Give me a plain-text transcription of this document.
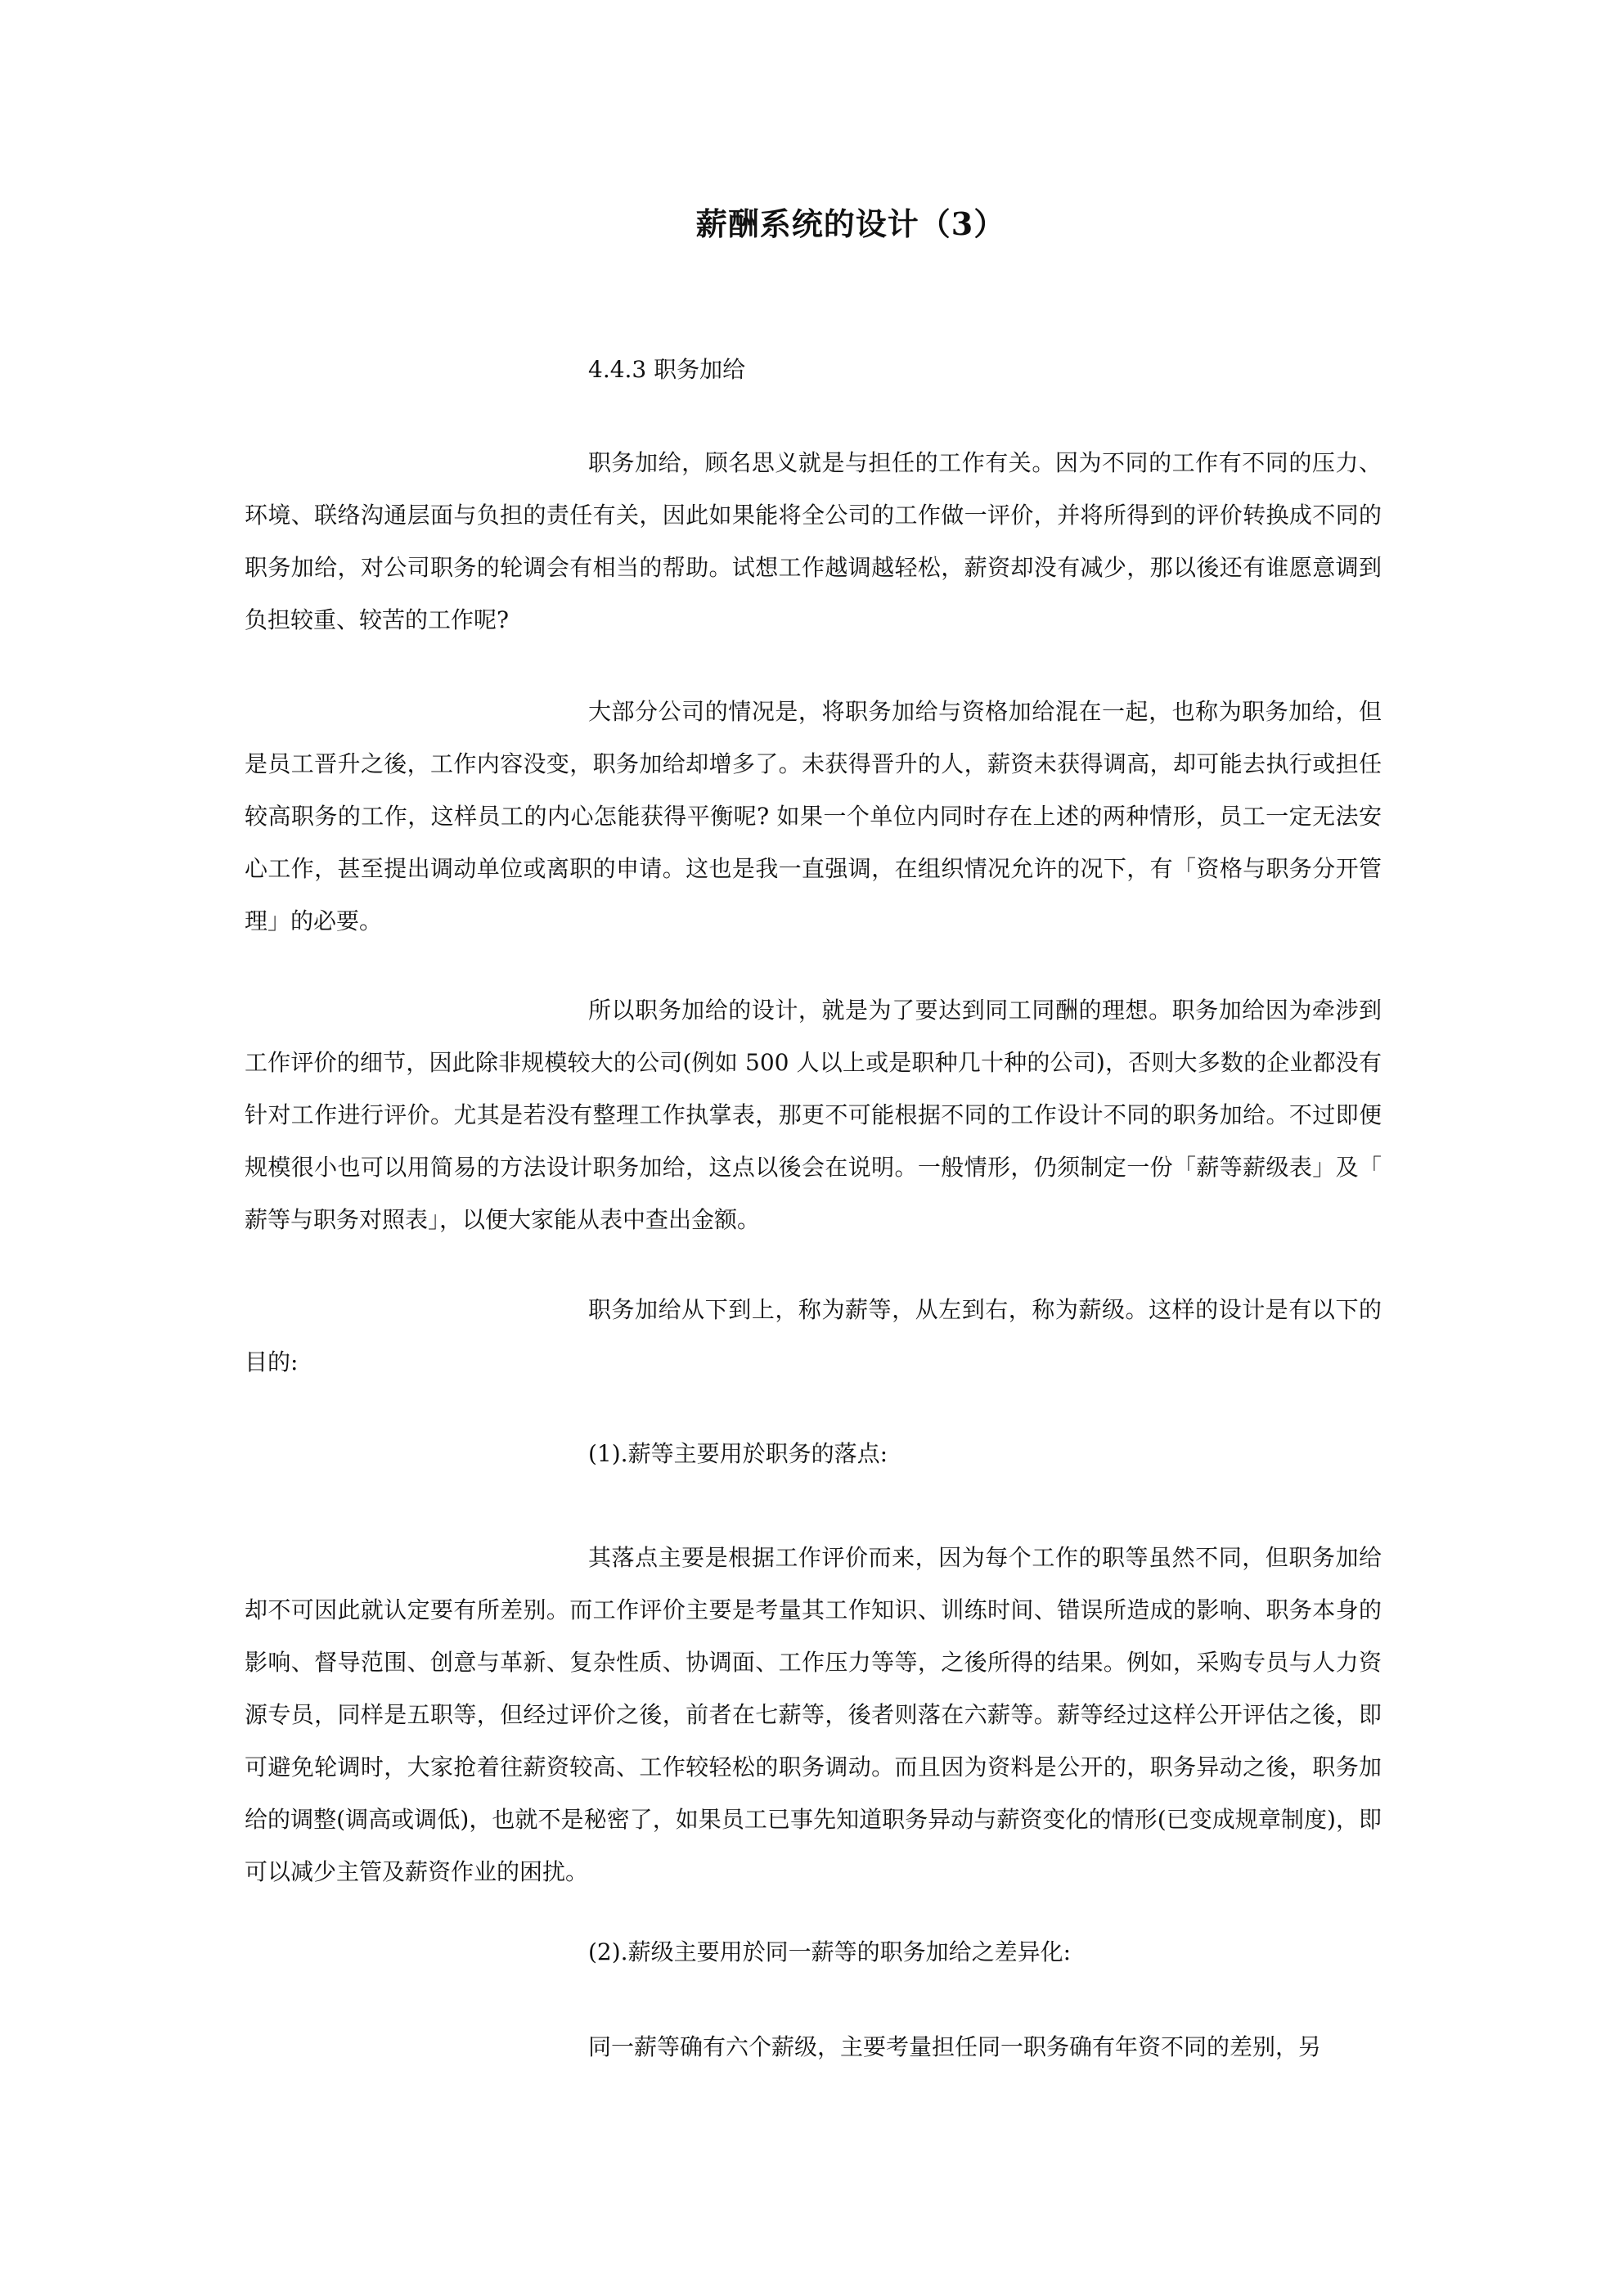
薪酬系统的设计（3）
4.4.3 职务加给

职务加给，顾名思义就是与担任的工作有关。因为不同的工作有不同的压力、环境、联络沟通层面与负担的责任有关，因此如果能将全公司的工作做一评价，并将所得到的评价转换成不同的职务加给，对公司职务的轮调会有相当的帮助。试想工作越调越轻松，薪资却没有减少，那以後还有谁愿意调到负担较重、较苦的工作呢?

大部分公司的情况是，将职务加给与资格加给混在一起，也称为职务加给，但是员工晋升之後，工作内容没变，职务加给却增多了。未获得晋升的人，薪资未获得调高，却可能去执行或担任较高职务的工作，这样员工的内心怎能获得平衡呢? 如果一个单位内同时存在上述的两种情形，员工一定无法安心工作，甚至提出调动单位或离职的申请。这也是我一直强调，在组织情况允许的况下，有「资格与职务分开管理」的必要。

所以职务加给的设计，就是为了要达到同工同酬的理想。职务加给因为牵涉到工作评价的细节，因此除非规模较大的公司(例如 500 人以上或是职种几十种的公司)，否则大多数的企业都没有针对工作进行评价。尤其是若没有整理工作执掌表，那更不可能根据不同的工作设计不同的职务加给。不过即便规模很小也可以用简易的方法设计职务加给，这点以後会在说明。一般情形，仍须制定一份「薪等薪级表」及「 薪等与职务对照表」，以便大家能从表中查出金额。

职务加给从下到上，称为薪等，从左到右，称为薪级。这样的设计是有以下的目的:

(1).薪等主要用於职务的落点:

其落点主要是根据工作评价而来，因为每个工作的职等虽然不同，但职务加给却不可因此就认定要有所差别。而工作评价主要是考量其工作知识、训练时间、错误所造成的影响、职务本身的影响、督导范围、创意与革新、复杂性质、协调面、工作压力等等，之後所得的结果。例如，采购专员与人力资源专员，同样是五职等，但经过评价之後，前者在七薪等，後者则落在六薪等。薪等经过这样公开评估之後，即可避免轮调时，大家抢着往薪资较高、工作较轻松的职务调动。而且因为资料是公开的，职务异动之後，职务加给的调整(调高或调低)，也就不是秘密了，如果员工已事先知道职务异动与薪资变化的情形(已变成规章制度)，即可以减少主管及薪资作业的困扰。

(2).薪级主要用於同一薪等的职务加给之差异化:

同一薪等确有六个薪级，主要考量担任同一职务确有年资不同的差别，另
